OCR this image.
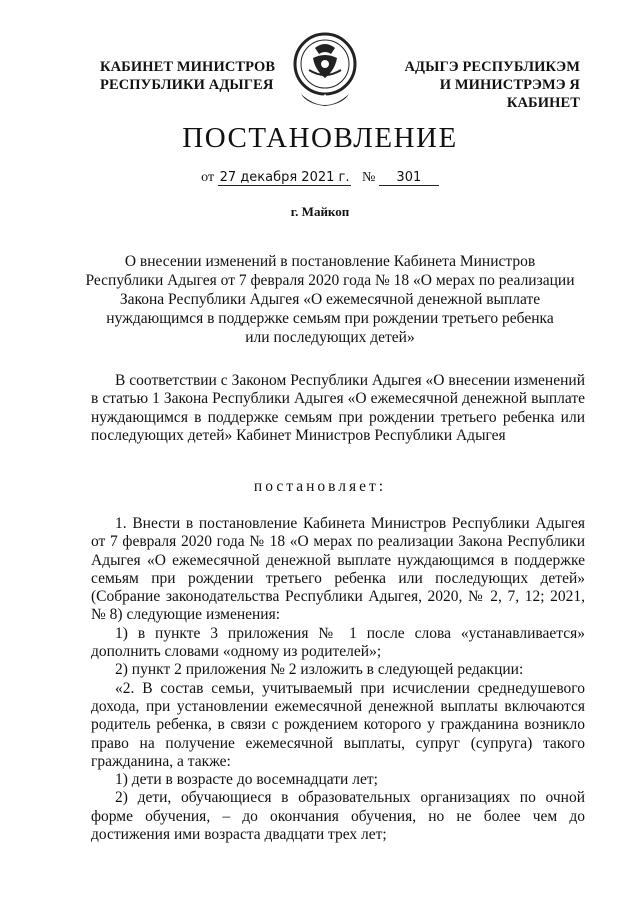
КАБИНЕТ МИНИСТРОВ
РЕСПУБЛИКИ АДЫГЕЯ
АДЫГЭ РЕСПУБЛИКЭМ
И МИНИСТРЭМЭ Я КАБИНЕТ
ПОСТАНОВЛЕНИЕ
от 27 декабря 2021 г. № 301
г. Майкоп
О внесении изменений в постановление Кабинета Министров
Республики Адыгея от 7 февраля 2020 года № 18 «О мерах по реализации
Закона Республики Адыгея «О ежемесячной денежной выплате
нуждающимся в поддержке семьям при рождении третьего ребенка
или последующих детей»
В соответствии с Законом Республики Адыгея «О внесении изменений в статью 1 Закона Республики Адыгея «О ежемесячной денежной выплате нуждающимся в поддержке семьям при рождении третьего ребенка или последующих детей» Кабинет Министров Республики Адыгея
постановляет:
1. Внести в постановление Кабинета Министров Республики Адыгея от 7 февраля 2020 года № 18 «О мерах по реализации Закона Республики Адыгея «О ежемесячной денежной выплате нуждающимся в поддержке семьям при рождении третьего ребенка или последующих детей» (Собрание законодательства Республики Адыгея, 2020, № 2, 7, 12; 2021, № 8) следующие изменения:
1) в пункте 3 приложения № 1 после слова «устанавливается» дополнить словами «одному из родителей»;
2) пункт 2 приложения № 2 изложить в следующей редакции:
«2. В состав семьи, учитываемый при исчислении среднедушевого дохода, при установлении ежемесячной денежной выплаты включаются родитель ребенка, в связи с рождением которого у гражданина возникло право на получение ежемесячной выплаты, супруг (супруга) такого гражданина, а также:
1) дети в возрасте до восемнадцати лет;
2) дети, обучающиеся в образовательных организациях по очной форме обучения, – до окончания обучения, но не более чем до достижения ими возраста двадцати трех лет;
